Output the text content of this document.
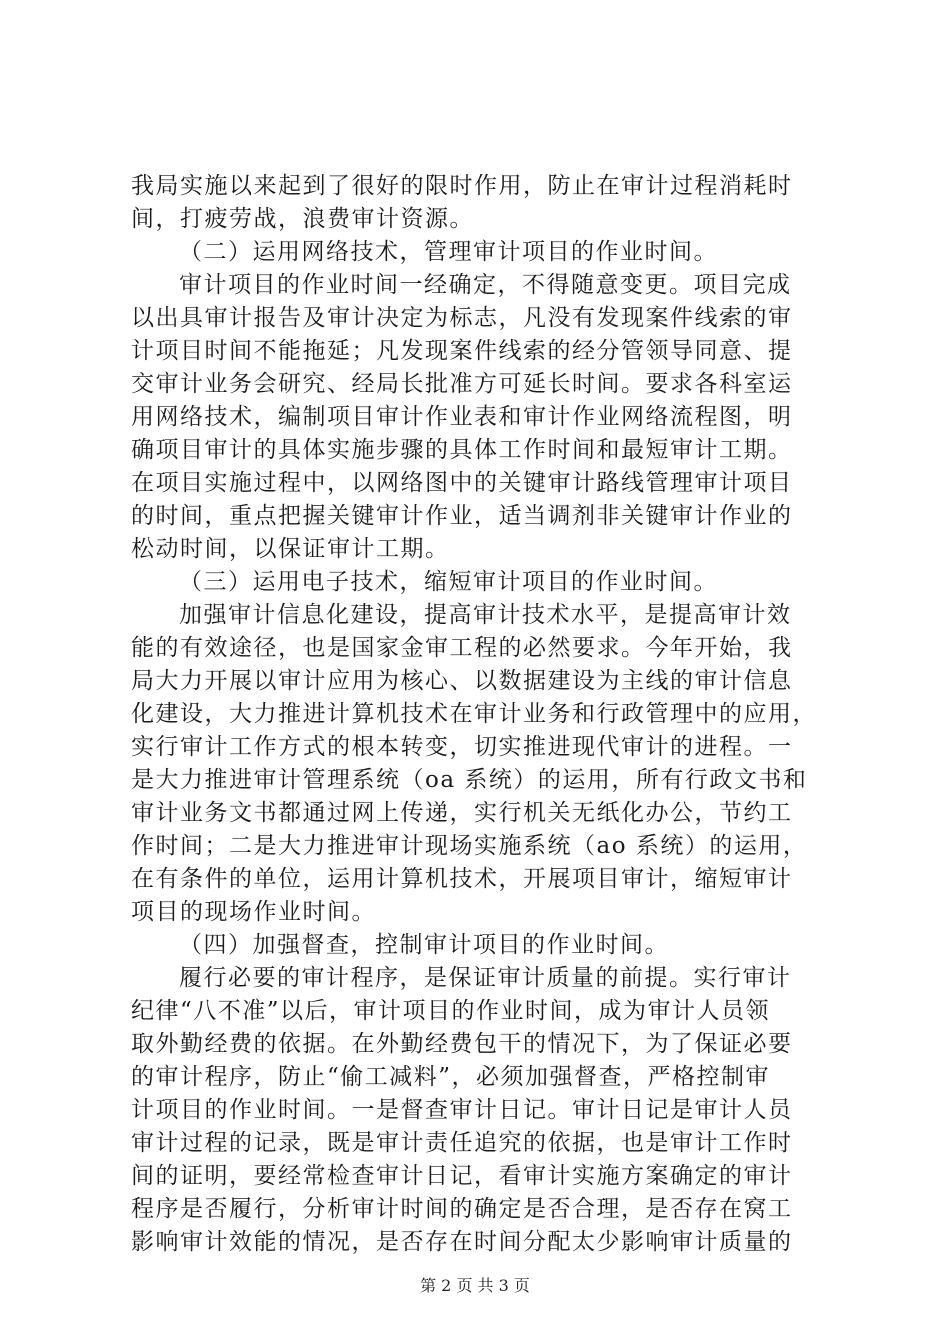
我局实施以来起到了很好的限时作用，防止在审计过程消耗时
间，打疲劳战，浪费审计资源。
（二）运用网络技术，管理审计项目的作业时间。
审计项目的作业时间一经确定，不得随意变更。项目完成
以出具审计报告及审计决定为标志，凡没有发现案件线索的审
计项目时间不能拖延；凡发现案件线索的经分管领导同意、提
交审计业务会研究、经局长批准方可延长时间。要求各科室运
用网络技术，编制项目审计作业表和审计作业网络流程图，明
确项目审计的具体实施步骤的具体工作时间和最短审计工期。
在项目实施过程中，以网络图中的关键审计路线管理审计项目
的时间，重点把握关键审计作业，适当调剂非关键审计作业的
松动时间，以保证审计工期。
（三）运用电子技术，缩短审计项目的作业时间。
加强审计信息化建设，提高审计技术水平，是提高审计效
能的有效途径，也是国家金审工程的必然要求。今年开始，我
局大力开展以审计应用为核心、以数据建设为主线的审计信息
化建设，大力推进计算机技术在审计业务和行政管理中的应用，
实行审计工作方式的根本转变，切实推进现代审计的进程。一
是大力推进审计管理系统（oa 系统）的运用，所有行政文书和
审计业务文书都通过网上传递，实行机关无纸化办公，节约工
作时间；二是大力推进审计现场实施系统（ao 系统）的运用，
在有条件的单位，运用计算机技术，开展项目审计，缩短审计
项目的现场作业时间。
（四）加强督查，控制审计项目的作业时间。
履行必要的审计程序，是保证审计质量的前提。实行审计
纪律“八不准”以后，审计项目的作业时间，成为审计人员领
取外勤经费的依据。在外勤经费包干的情况下，为了保证必要
的审计程序，防止“偷工减料”，必须加强督查，严格控制审
计项目的作业时间。一是督查审计日记。审计日记是审计人员
审计过程的记录，既是审计责任追究的依据，也是审计工作时
间的证明，要经常检查审计日记，看审计实施方案确定的审计
程序是否履行，分析审计时间的确定是否合理，是否存在窝工
影响审计效能的情况，是否存在时间分配太少影响审计质量的
第 2 页 共 3 页
